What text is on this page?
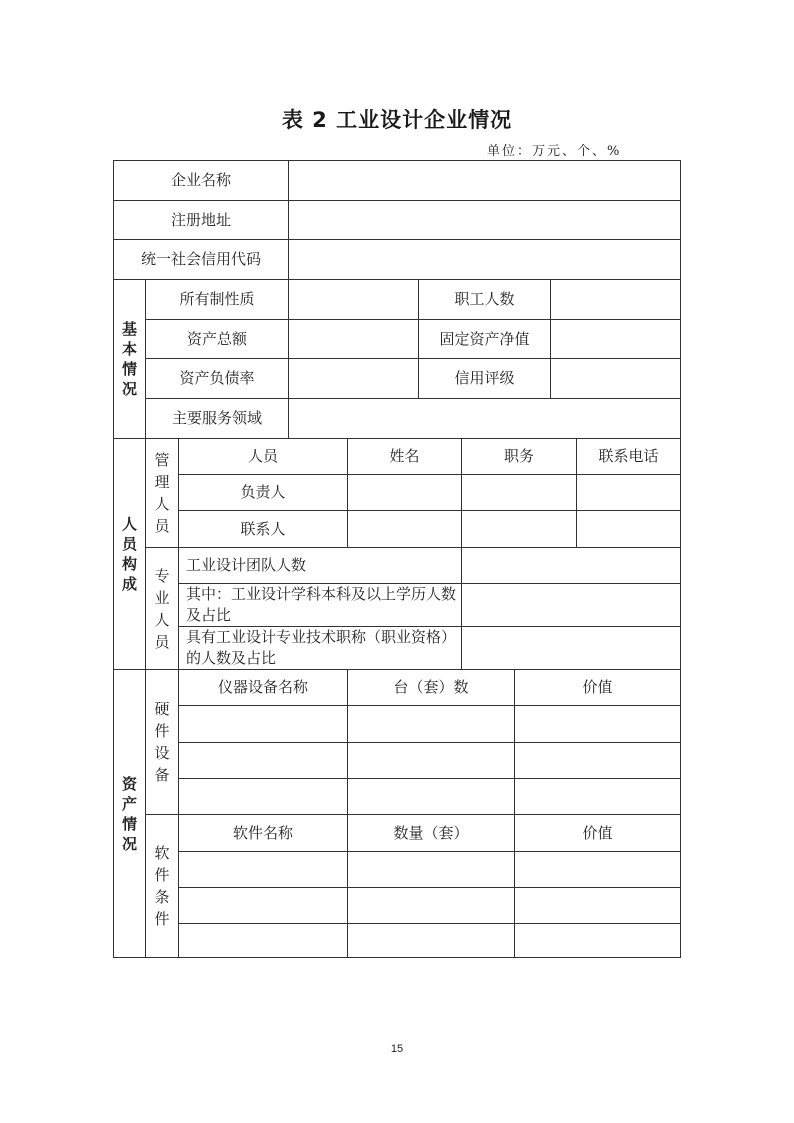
表 2 工业设计企业情况
单位：万元、个、%
企业名称
注册地址
统一社会信用代码
基
本
情
况
所有制性质	职工人数
资产总额	固定资产净值
资产负债率	信用评级
主要服务领域
人
员
构
成
管
理
人
员
人员	姓名	职务	联系电话
负责人
联系人
专
业
人
员
工业设计团队人数
其中：工业设计学科本科及以上学历人数及占比
具有工业设计专业技术职称（职业资格）的人数及占比
资
产
情
况
硬
件
设
备
仪器设备名称	台（套）数	价值
软
件
条
件
软件名称	数量（套）	价值
15
